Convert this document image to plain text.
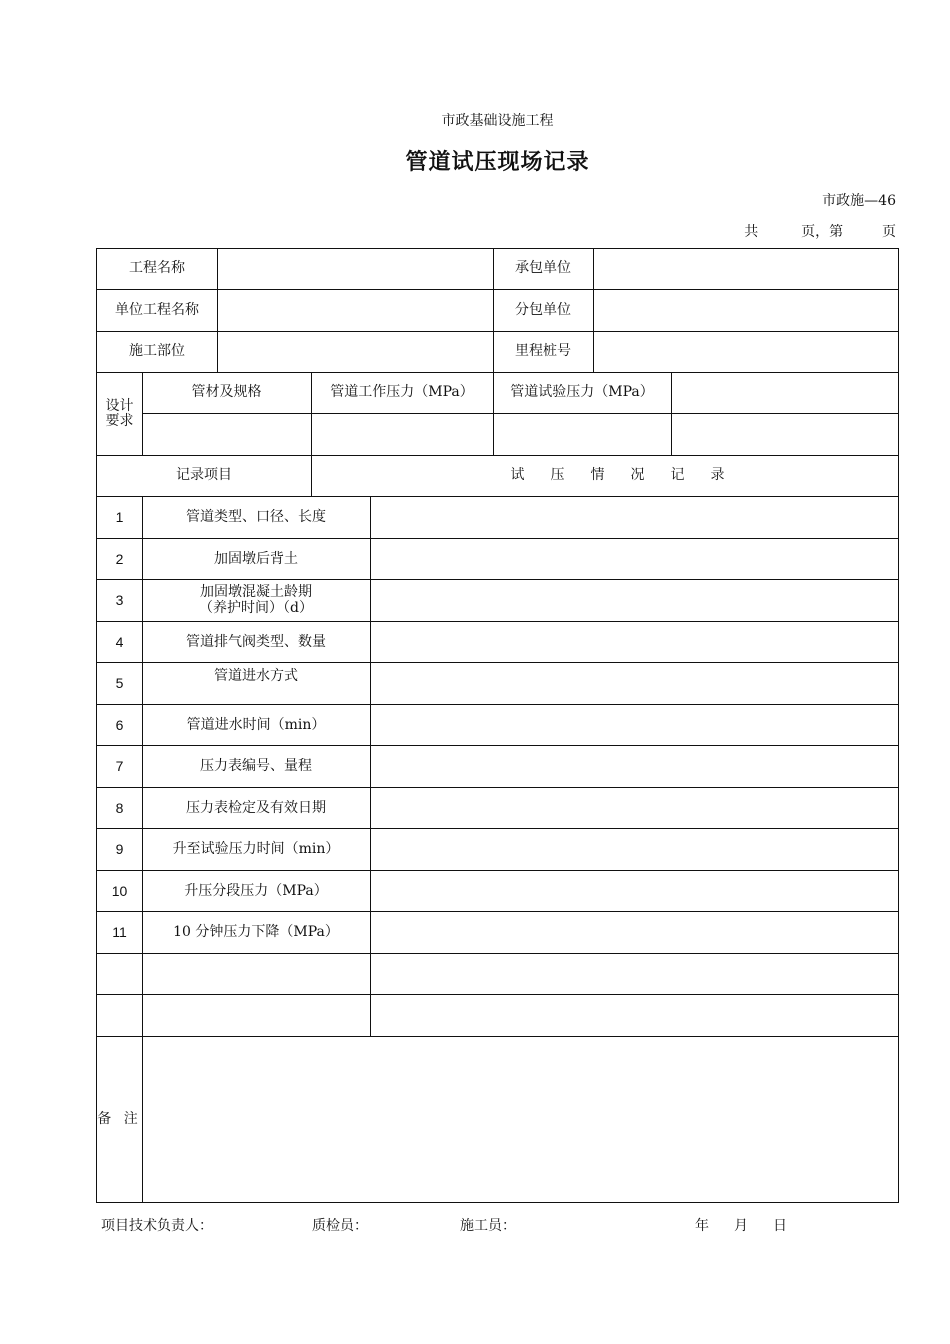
市政基础设施工程
管道试压现场记录
市政施—46
共	页，第	页
工程名称	承包单位
单位工程名称	分包单位
施工部位	里程桩号
设计
要求
管材及规格	管道工作压力（MPa）	管道试验压力（MPa）
记录项目	试压情况记录
1	管道类型、口径、长度
2	加固墩后背土
3	加固墩混凝土龄期
（养护时间）（d）
4	管道排气阀类型、数量
5	管道进水方式
6	管道进水时间（min）
7	压力表编号、量程
8	压力表检定及有效日期
9	升至试验压力时间（min）
10	升压分段压力（MPa）
11	10 分钟压力下降（MPa）
备 注
项目技术负责人：	质检员：	施工员：	年 月 日
